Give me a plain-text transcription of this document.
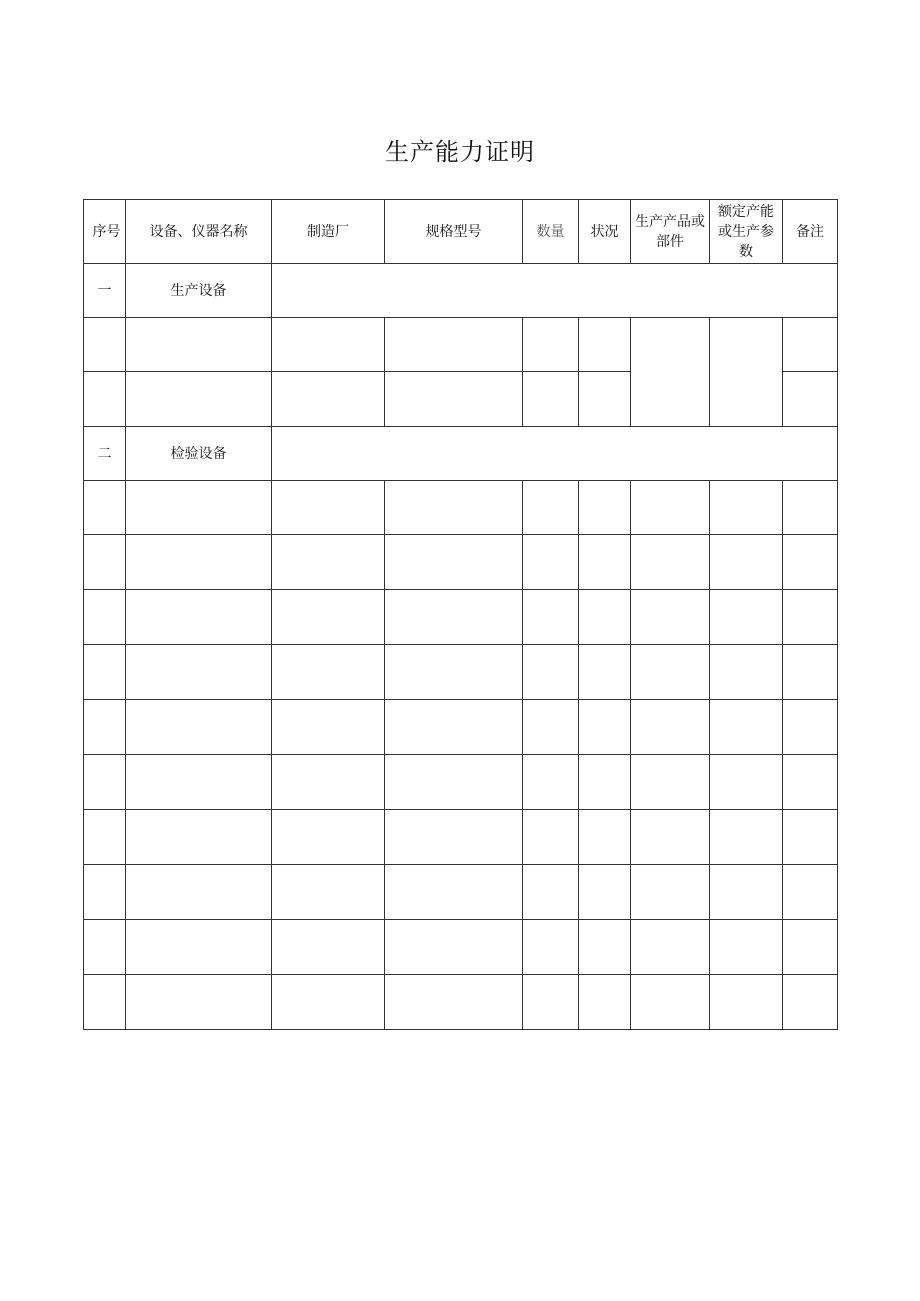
生产能力证明
序号	设备、仪器名称	制造厂	规格型号	数量	状况	生产产品或部件	额定产能或生产参数	备注
一	生产设备							

二	检验设备							
